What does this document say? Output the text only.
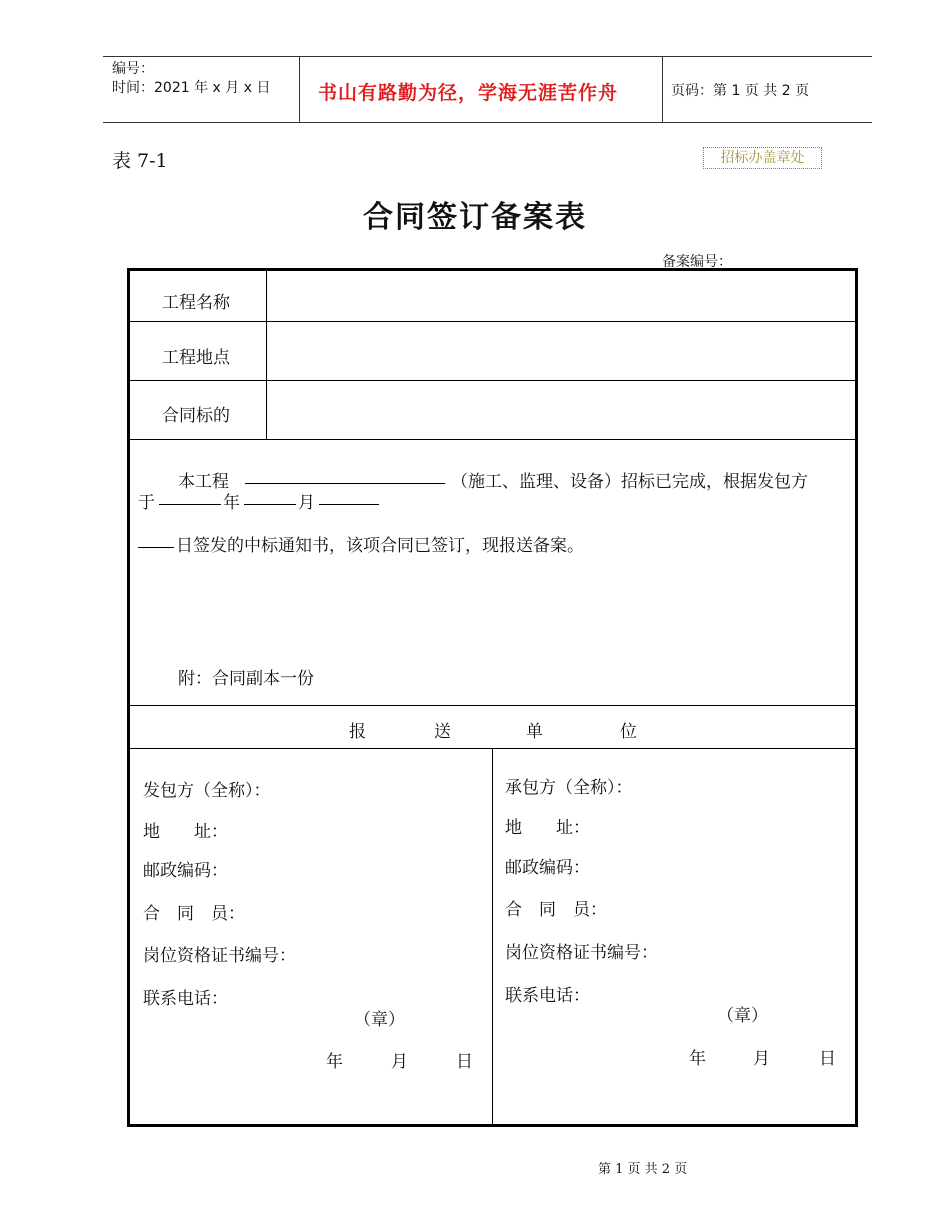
编号：
时间：2021 年 x 月 x 日	书山有路勤为径，学海无涯苦作舟	页码：第 1 页 共 2 页
表 7-1	招标办盖章处
合同签订备案表
备案编号：
工程名称
工程地点
合同标的
本工程	（施工、监理、设备）招标已完成，根据发包方
于	年	月
日签发的中标通知书，该项合同已签订，现报送备案。
附：合同副本一份
报	送	单	位
发包方（全称）：
地　　址：
邮政编码：
合　同　员：
岗位资格证书编号：
联系电话：
（章）
年	月	日
承包方（全称）：
地　　址：
邮政编码：
合　同　员：
岗位资格证书编号：
联系电话：
（章）
年	月	日
第 1 页 共 2 页
